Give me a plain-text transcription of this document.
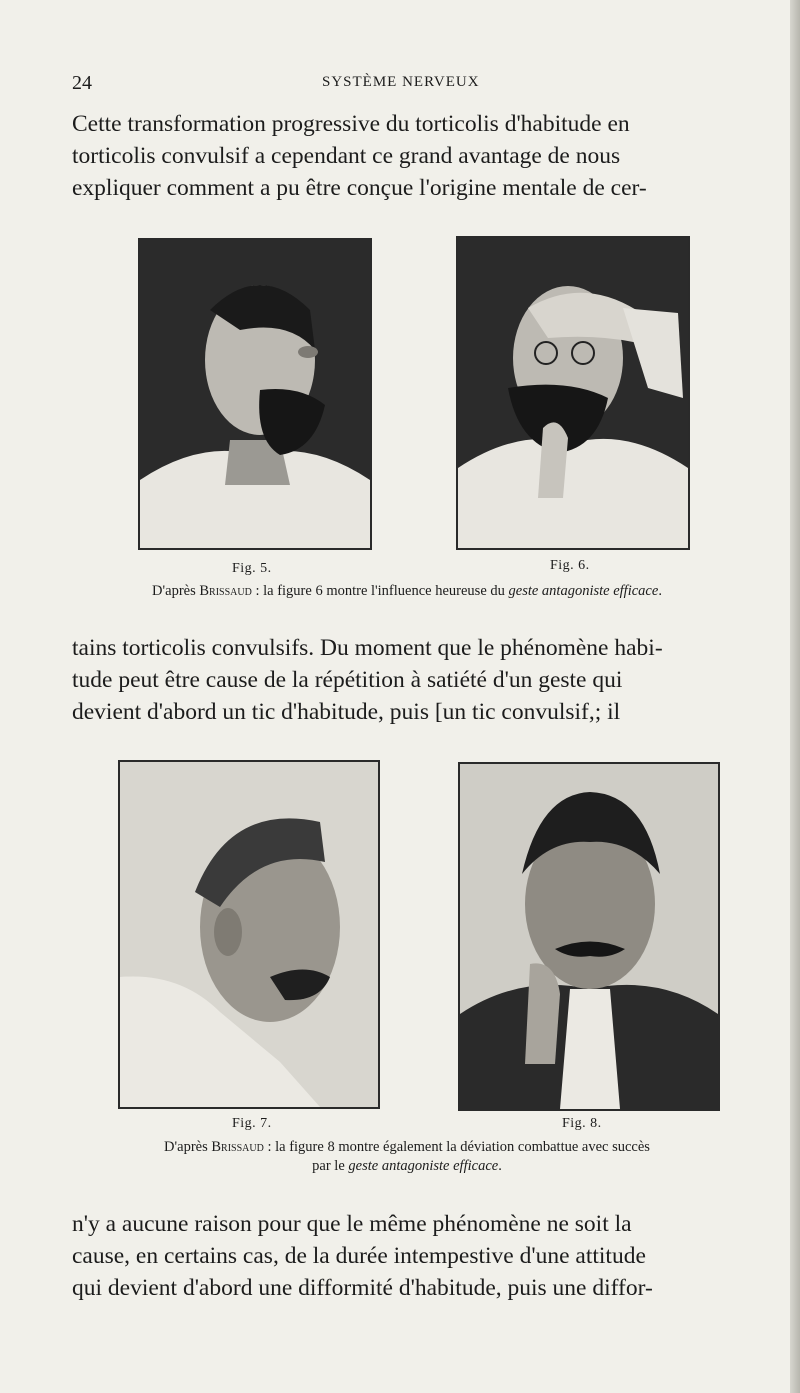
24	SYSTÈME NERVEUX
Cette transformation progressive du torticolis d'habitude en
torticolis convulsif a cependant ce grand avantage de nous
expliquer comment a pu être conçue l'origine mentale de cer-
Fig. 5.	Fig. 6.
D'après Brissaud : la figure 6 montre l'influence heureuse du geste antagoniste efficace.
tains torticolis convulsifs. Du moment que le phénomène habi-
tude peut être cause de la répétition à satiété d'un geste qui
devient d'abord un tic d'habitude, puis [un tic convulsif,; il
Fig. 7.	Fig. 8.
D'après Brissaud : la figure 8 montre également la déviation combattue avec succès
par le geste antagoniste efficace.
n'y a aucune raison pour que le même phénomène ne soit la
cause, en certains cas, de la durée intempestive d'une attitude
qui devient d'abord une difformité d'habitude, puis une diffor-
